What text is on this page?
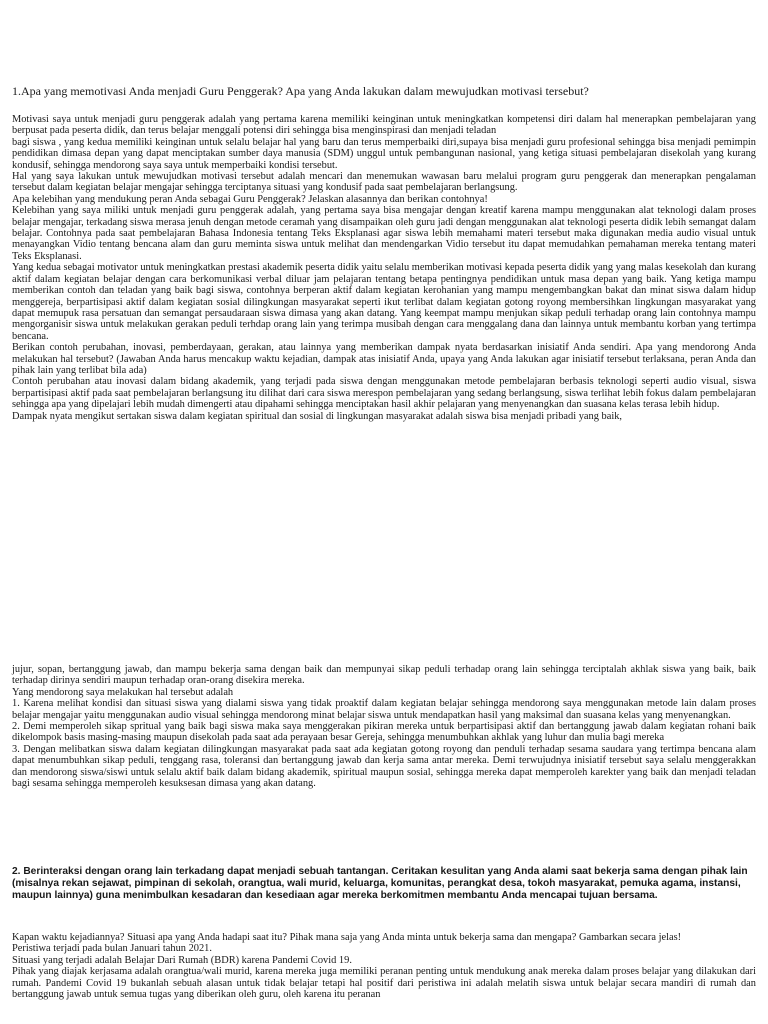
1.Apa yang memotivasi Anda menjadi Guru Penggerak? Apa yang Anda lakukan dalam mewujudkan motivasi tersebut?

Motivasi saya untuk menjadi guru penggerak adalah yang pertama karena memiliki keinginan untuk meningkatkan kompetensi diri dalam hal menerapkan pembelajaran yang berpusat pada peserta didik, dan terus belajar menggali potensi diri sehingga bisa menginspirasi dan menjadi teladan

bagi siswa , yang kedua memiliki keinginan untuk selalu belajar hal yang baru dan terus memperbaiki diri,supaya bisa menjadi guru profesional sehingga bisa menjadi pemimpin pendidikan dimasa depan yang dapat menciptakan sumber daya manusia (SDM) unggul untuk pembangunan nasional, yang ketiga situasi pembelajaran disekolah yang kurang kondusif, sehingga mendorong saya saya untuk memperbaiki kondisi tersebut.

Hal yang saya lakukan untuk mewujudkan motivasi tersebut adalah mencari dan menemukan wawasan baru melalui program guru penggerak dan menerapkan pengalaman tersebut dalam kegiatan belajar mengajar sehingga terciptanya situasi yang kondusif pada saat pembelajaran berlangsung.

Apa kelebihan yang mendukung peran Anda sebagai Guru Penggerak? Jelaskan alasannya dan berikan contohnya!

Kelebihan yang saya miliki untuk menjadi guru penggerak adalah, yang pertama saya bisa mengajar dengan kreatif karena mampu menggunakan alat teknologi dalam proses belajar mengajar, terkadang siswa merasa jenuh dengan metode ceramah yang disampaikan oleh guru jadi dengan menggunakan alat teknologi peserta didik lebih semangat dalam belajar. Contohnya pada saat pembelajaran Bahasa Indonesia tentang Teks Eksplanasi agar siswa lebih memahami materi tersebut maka digunakan media audio visual untuk menayangkan Vidio tentang bencana alam dan guru meminta siswa untuk melihat dan mendengarkan Vidio tersebut itu dapat memudahkan pemahaman mereka tentang materi Teks Eksplanasi.

Yang kedua sebagai motivator untuk meningkatkan prestasi akademik peserta didik yaitu selalu memberikan motivasi kepada peserta didik yang yang malas kesekolah dan kurang aktif dalam kegiatan belajar dengan cara berkomunikasi verbal diluar jam pelajaran tentang betapa pentingnya pendidikan untuk masa depan yang baik. Yang ketiga mampu memberikan contoh dan teladan yang baik bagi siswa, contohnya berperan aktif dalam kegiatan kerohanian yang mampu mengembangkan bakat dan minat siswa dalam hidup menggereja, berpartisipasi aktif dalam kegiatan sosial dilingkungan masyarakat seperti ikut terlibat dalam kegiatan gotong royong membersihkan lingkungan masyarakat yang dapat memupuk rasa persatuan dan semangat persaudaraan siswa dimasa yang akan datang. Yang keempat mampu menjukan sikap peduli terhadap orang lain contohnya mampu mengorganisir siswa untuk melakukan gerakan peduli terhdap orang lain yang terimpa musibah dengan cara menggalang dana dan lainnya untuk membantu korban yang tertimpa bencana.

Berikan contoh perubahan, inovasi, pemberdayaan, gerakan, atau lainnya yang memberikan dampak nyata berdasarkan inisiatif Anda sendiri. Apa yang mendorong Anda melakukan hal tersebut? (Jawaban Anda harus mencakup waktu kejadian, dampak atas inisiatif Anda, upaya yang Anda lakukan agar inisiatif tersebut terlaksana, peran Anda dan pihak lain yang terlibat bila ada)

Contoh perubahan atau inovasi dalam bidang akademik, yang terjadi pada siswa dengan menggunakan metode pembelajaran berbasis teknologi seperti audio visual, siswa berpartisipasi aktif pada saat pembelajaran berlangsung itu dilihat dari cara siswa merespon pembelajaran yang sedang berlangsung, siswa terlihat lebih fokus dalam pembelajaran sehingga apa yang dipelajari lebih mudah dimengerti atau dipahami sehingga menciptakan hasil akhir pelajaran yang menyenangkan dan suasana kelas terasa lebih hidup.

Dampak nyata mengikut sertakan siswa dalam kegiatan spiritual dan sosial di lingkungan masyarakat adalah siswa bisa menjadi pribadi yang baik,

jujur, sopan, bertanggung jawab, dan mampu bekerja sama dengan baik dan mempunyai sikap peduli terhadap orang lain sehingga terciptalah akhlak siswa yang baik, baik terhadap dirinya sendiri maupun terhadap oran-orang disekira mereka.

Yang mendorong saya melakukan hal tersebut adalah

1. Karena melihat kondisi dan situasi siswa yang dialami siswa yang tidak proaktif dalam kegiatan belajar sehingga mendorong saya menggunakan metode lain dalam proses belajar mengajar yaitu menggunakan audio visual sehingga mendorong minat belajar siswa untuk mendapatkan hasil yang maksimal dan suasana kelas yang menyenangkan.

2. Demi memperoleh sikap spritual yang baik bagi siswa maka saya menggerakan pikiran mereka untuk berpartisipasi aktif dan bertanggung jawab dalam kegiatan rohani baik dikelompok basis masing-masing maupun disekolah pada saat ada perayaan besar Gereja, sehingga menumbuhkan akhlak yang luhur dan mulia bagi mereka

3. Dengan melibatkan siswa dalam kegiatan dilingkungan masyarakat pada saat ada kegiatan gotong royong dan penduli terhadap sesama saudara yang tertimpa bencana alam dapat menumbuhkan sikap peduli, tenggang rasa, toleransi dan bertanggung jawab dan kerja sama antar mereka. Demi terwujudnya inisiatif tersebut saya selalu menggerakkan dan mendorong siswa/siswi untuk selalu aktif baik dalam bidang akademik, spiritual maupun sosial, sehingga mereka dapat memperoleh karekter yang baik dan menjadi teladan bagi sesama sehingga memperoleh kesuksesan dimasa yang akan datang.

2. Berinteraksi dengan orang lain terkadang dapat menjadi sebuah tantangan. Ceritakan kesulitan yang Anda alami saat bekerja sama dengan pihak lain (misalnya rekan sejawat, pimpinan di sekolah, orangtua, wali murid, keluarga, komunitas, perangkat desa, tokoh masyarakat, pemuka agama, instansi, maupun lainnya) guna menimbulkan kesadaran dan kesediaan agar mereka berkomitmen membantu Anda mencapai tujuan bersama.

Kapan waktu kejadiannya? Situasi apa yang Anda hadapi saat itu? Pihak mana saja yang Anda minta untuk bekerja sama dan mengapa? Gambarkan secara jelas!

Peristiwa terjadi pada bulan Januari tahun 2021.

Situasi yang terjadi adalah Belajar Dari Rumah (BDR) karena Pandemi Covid 19.

Pihak yang diajak kerjasama adalah orangtua/wali murid, karena mereka juga memiliki peranan penting untuk mendukung anak mereka dalam proses belajar yang dilakukan dari rumah. Pandemi Covid 19 bukanlah sebuah alasan untuk tidak belajar tetapi hal positif dari peristiwa ini adalah melatih siswa untuk belajar secara mandiri di rumah dan bertanggung jawab untuk semua tugas yang diberikan oleh guru, oleh karena itu peranan
